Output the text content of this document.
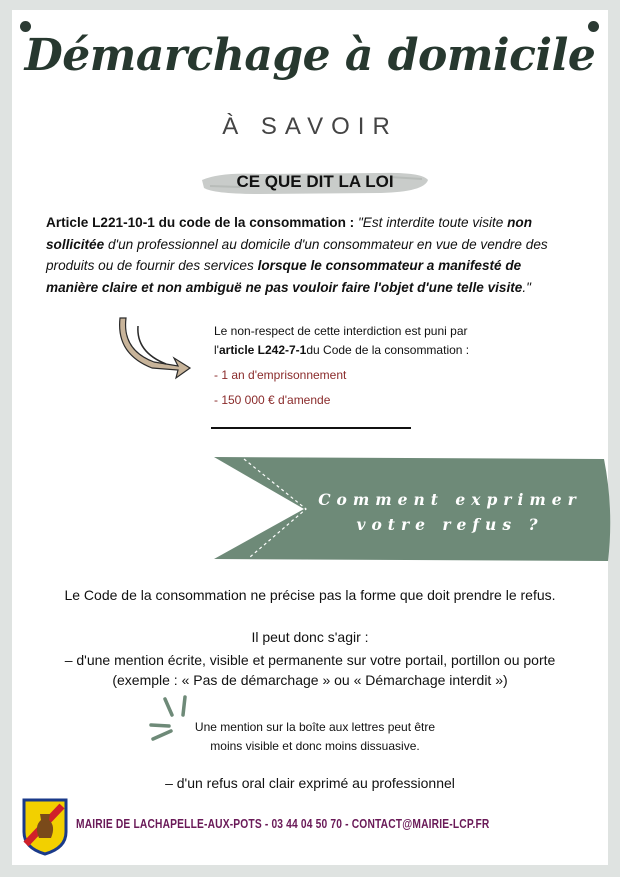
Démarchage à domicile
À SAVOIR
CE QUE DIT LA LOI
Article L221-10-1 du code de la consommation : "Est interdite toute visite non sollicitée d'un professionnel au domicile d'un consommateur en vue de vendre des produits ou de fournir des services lorsque le consommateur a manifesté de manière claire et non ambiguë ne pas vouloir faire l'objet d'une telle visite."
Le non-respect de cette interdiction est puni par
l'article L242-7-1du Code de la consommation :
- 1 an d'emprisonnement
- 150 000 € d'amende
Comment exprimer
votre refus ?
Le Code de la consommation ne précise pas la forme que doit prendre le refus.
Il peut donc s'agir :
– d'une mention écrite, visible et permanente sur votre portail, portillon ou porte
(exemple : « Pas de démarchage » ou « Démarchage interdit »)
Une mention sur la boîte aux lettres peut être
moins visible et donc moins dissuasive.
– d'un refus oral clair exprimé au professionnel
MAIRIE DE LACHAPELLE-AUX-POTS - 03 44 04 50 70 - CONTACT@MAIRIE-LCP.FR
